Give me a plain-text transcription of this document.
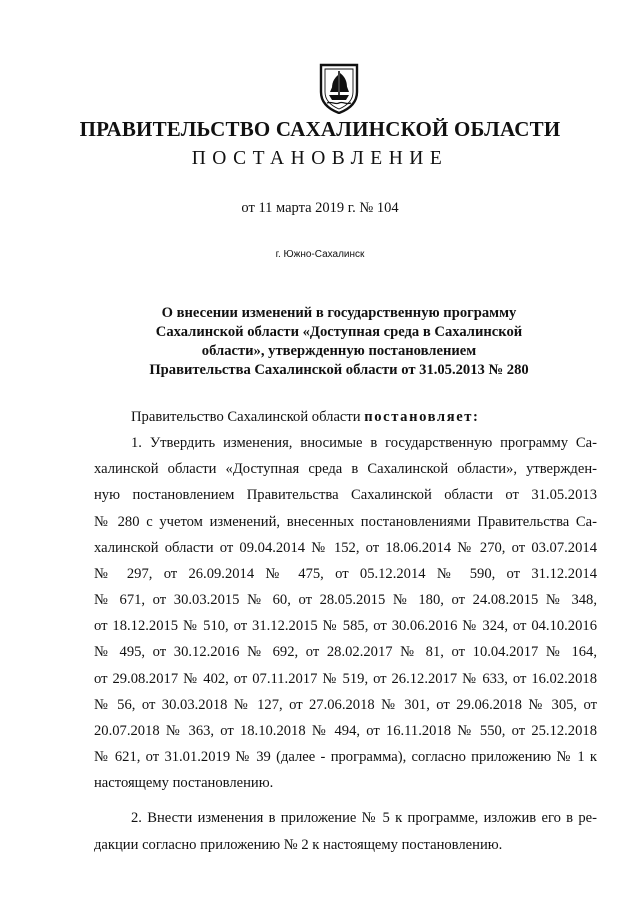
ПРАВИТЕЛЬСТВО САХАЛИНСКОЙ ОБЛАСТИ
ПОСТАНОВЛЕНИЕ
от 11 марта 2019 г. № 104
г. Южно-Сахалинск
О внесении изменений в государственную программу
Сахалинской области «Доступная среда в Сахалинской
области», утвержденную постановлением
Правительства Сахалинской области от 31.05.2013 № 280
Правительство Сахалинской области постановляет:
1. Утвердить изменения, вносимые в государственную программу Са-
халинской области «Доступная среда в Сахалинской области», утвержден-
ную постановлением Правительства Сахалинской области от 31.05.2013
№ 280 с учетом изменений, внесенных постановлениями Правительства Са-
халинской области от 09.04.2014 № 152, от 18.06.2014 № 270, от 03.07.2014
№ 297, от 26.09.2014 № 475, от 05.12.2014 № 590, от 31.12.2014
№ 671, от 30.03.2015 № 60, от 28.05.2015 № 180, от 24.08.2015 № 348,
от 18.12.2015 № 510, от 31.12.2015 № 585, от 30.06.2016 № 324, от 04.10.2016
№ 495, от 30.12.2016 № 692, от 28.02.2017 № 81, от 10.04.2017 № 164,
от 29.08.2017 № 402, от 07.11.2017 № 519, от 26.12.2017 № 633, от 16.02.2018
№ 56, от 30.03.2018 № 127, от 27.06.2018 № 301, от 29.06.2018 № 305, от
20.07.2018 № 363, от 18.10.2018 № 494, от 16.11.2018 № 550, от 25.12.2018
№ 621, от 31.01.2019 № 39 (далее - программа), согласно приложению № 1 к
настоящему постановлению.
2. Внести изменения в приложение № 5 к программе, изложив его в ре-
дакции согласно приложению № 2 к настоящему постановлению.
